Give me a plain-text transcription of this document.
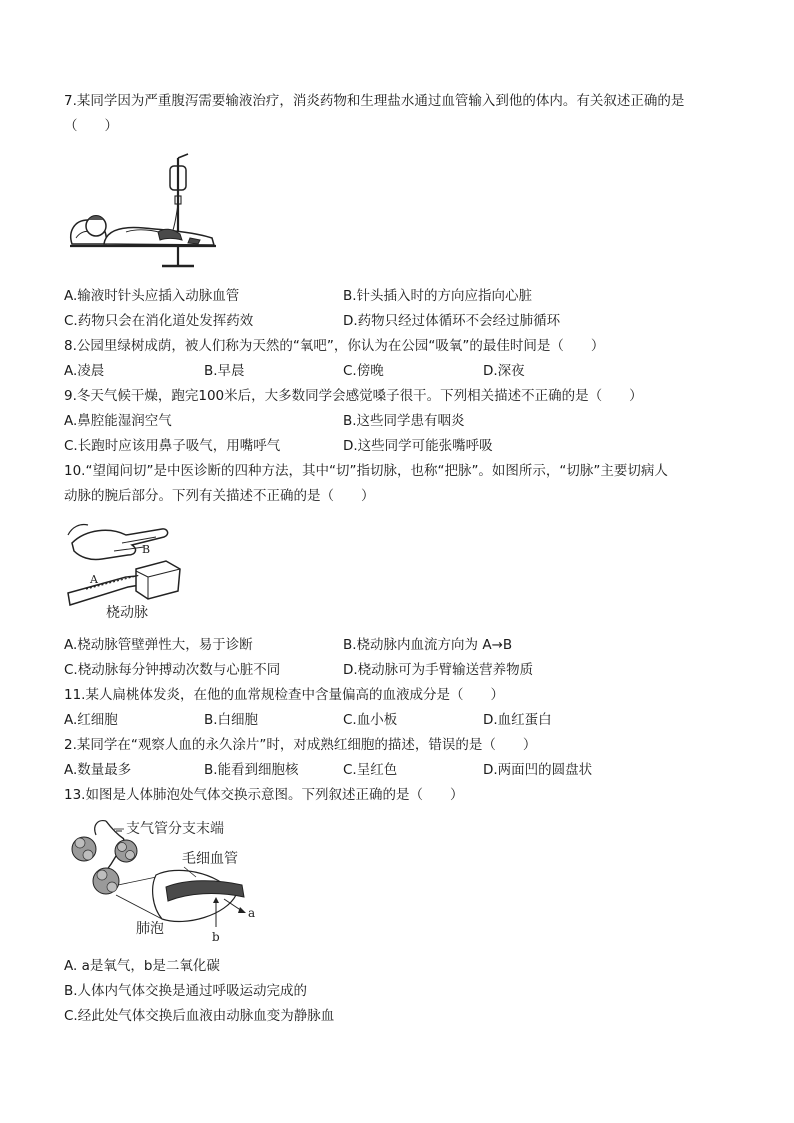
7.某同学因为严重腹泻需要输液治疗，消炎药物和生理盐水通过血管输入到他的体内。有关叙述正确的是
（　　）
A.输液时针头应插入动脉血管	B.针头插入时的方向应指向心脏
C.药物只会在消化道处发挥药效	D.药物只经过体循环不会经过肺循环
8.公园里绿树成荫，被人们称为天然的“氧吧”，你认为在公园“吸氧”的最佳时间是（　　）
A.凌晨	B.早晨	C.傍晚	D.深夜
9.冬天气候干燥，跑完100米后，大多数同学会感觉嗓子很干。下列相关描述不正确的是（　　）
A.鼻腔能湿润空气	B.这些同学患有咽炎
C.长跑时应该用鼻子吸气，用嘴呼气	D.这些同学可能张嘴呼吸
10.“望闻问切”是中医诊断的四种方法，其中“切”指切脉，也称“把脉”。如图所示，“切脉”主要切病人
动脉的腕后部分。下列有关描述不正确的是（　　）
A
B
桡动脉
A.桡动脉管壁弹性大，易于诊断	B.桡动脉内血流方向为 A→B
C.桡动脉每分钟搏动次数与心脏不同	D.桡动脉可为手臂输送营养物质
11.某人扁桃体发炎，在他的血常规检查中含量偏高的血液成分是（　　）
A.红细胞	B.白细胞	C.血小板	D.血红蛋白
2.某同学在“观察人血的永久涂片”时，对成熟红细胞的描述，错误的是（　　）
A.数量最多	B.能看到细胞核	C.呈红色	D.两面凹的圆盘状
13.如图是人体肺泡处气体交换示意图。下列叙述正确的是（　　）
支气管分支末端
毛细血管
肺泡
a
b
A. a是氧气，b是二氧化碳
B.人体内气体交换是通过呼吸运动完成的
C.经此处气体交换后血液由动脉血变为静脉血
